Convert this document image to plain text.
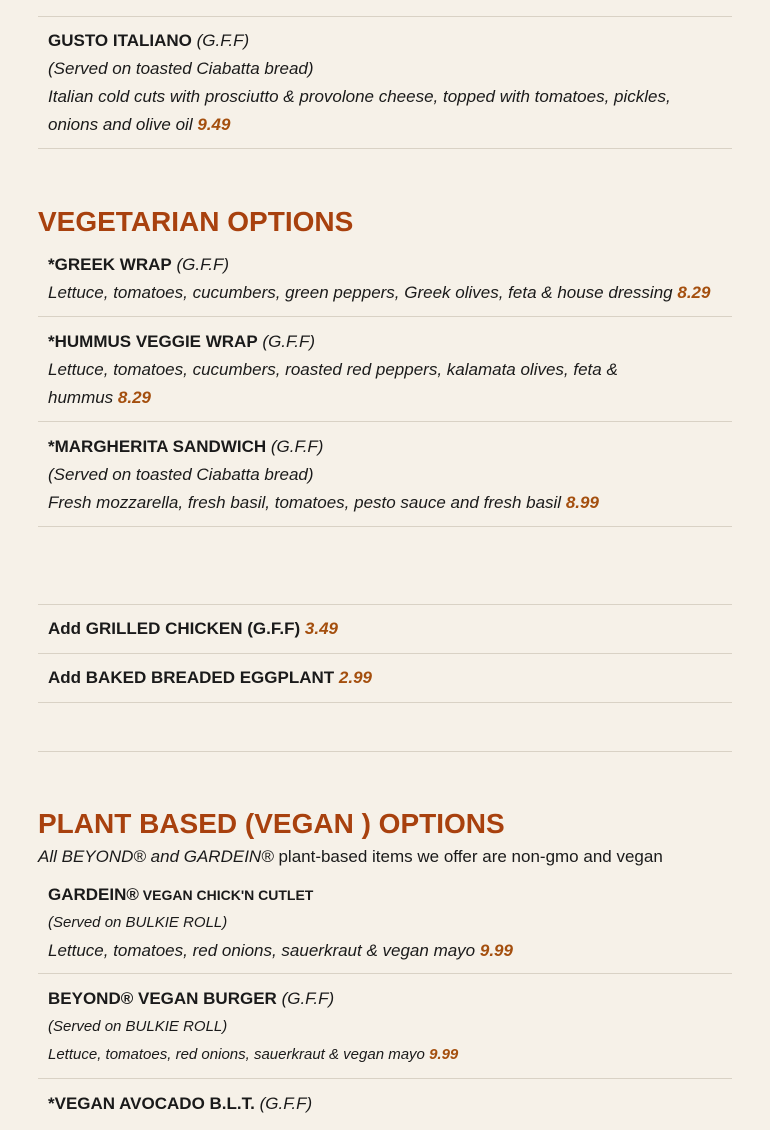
GUSTO ITALIANO (G.F.F)
(Served on toasted Ciabatta bread)
Italian cold cuts with prosciutto & provolone cheese, topped with tomatoes, pickles, onions and olive oil 9.49
VEGETARIAN OPTIONS
*GREEK WRAP (G.F.F)
Lettuce, tomatoes, cucumbers, green peppers, Greek olives, feta & house dressing 8.29
*HUMMUS VEGGIE WRAP (G.F.F)
Lettuce, tomatoes, cucumbers, roasted red peppers, kalamata olives, feta & hummus 8.29
*MARGHERITA SANDWICH (G.F.F)
(Served on toasted Ciabatta bread)
Fresh mozzarella, fresh basil, tomatoes, pesto sauce and fresh basil 8.99
Add GRILLED CHICKEN (G.F.F) 3.49
Add BAKED BREADED EGGPLANT 2.99
PLANT BASED (VEGAN ) OPTIONS
All BEYOND® and GARDEIN® plant-based items we offer are non-gmo and vegan
GARDEIN® VEGAN CHICK'N CUTLET
(Served on BULKIE ROLL)
Lettuce, tomatoes, red onions, sauerkraut & vegan mayo 9.99
BEYOND® VEGAN BURGER (G.F.F)
(Served on BULKIE ROLL)
Lettuce, tomatoes, red onions, sauerkraut & vegan mayo 9.99
*VEGAN AVOCADO B.L.T. (G.F.F)
